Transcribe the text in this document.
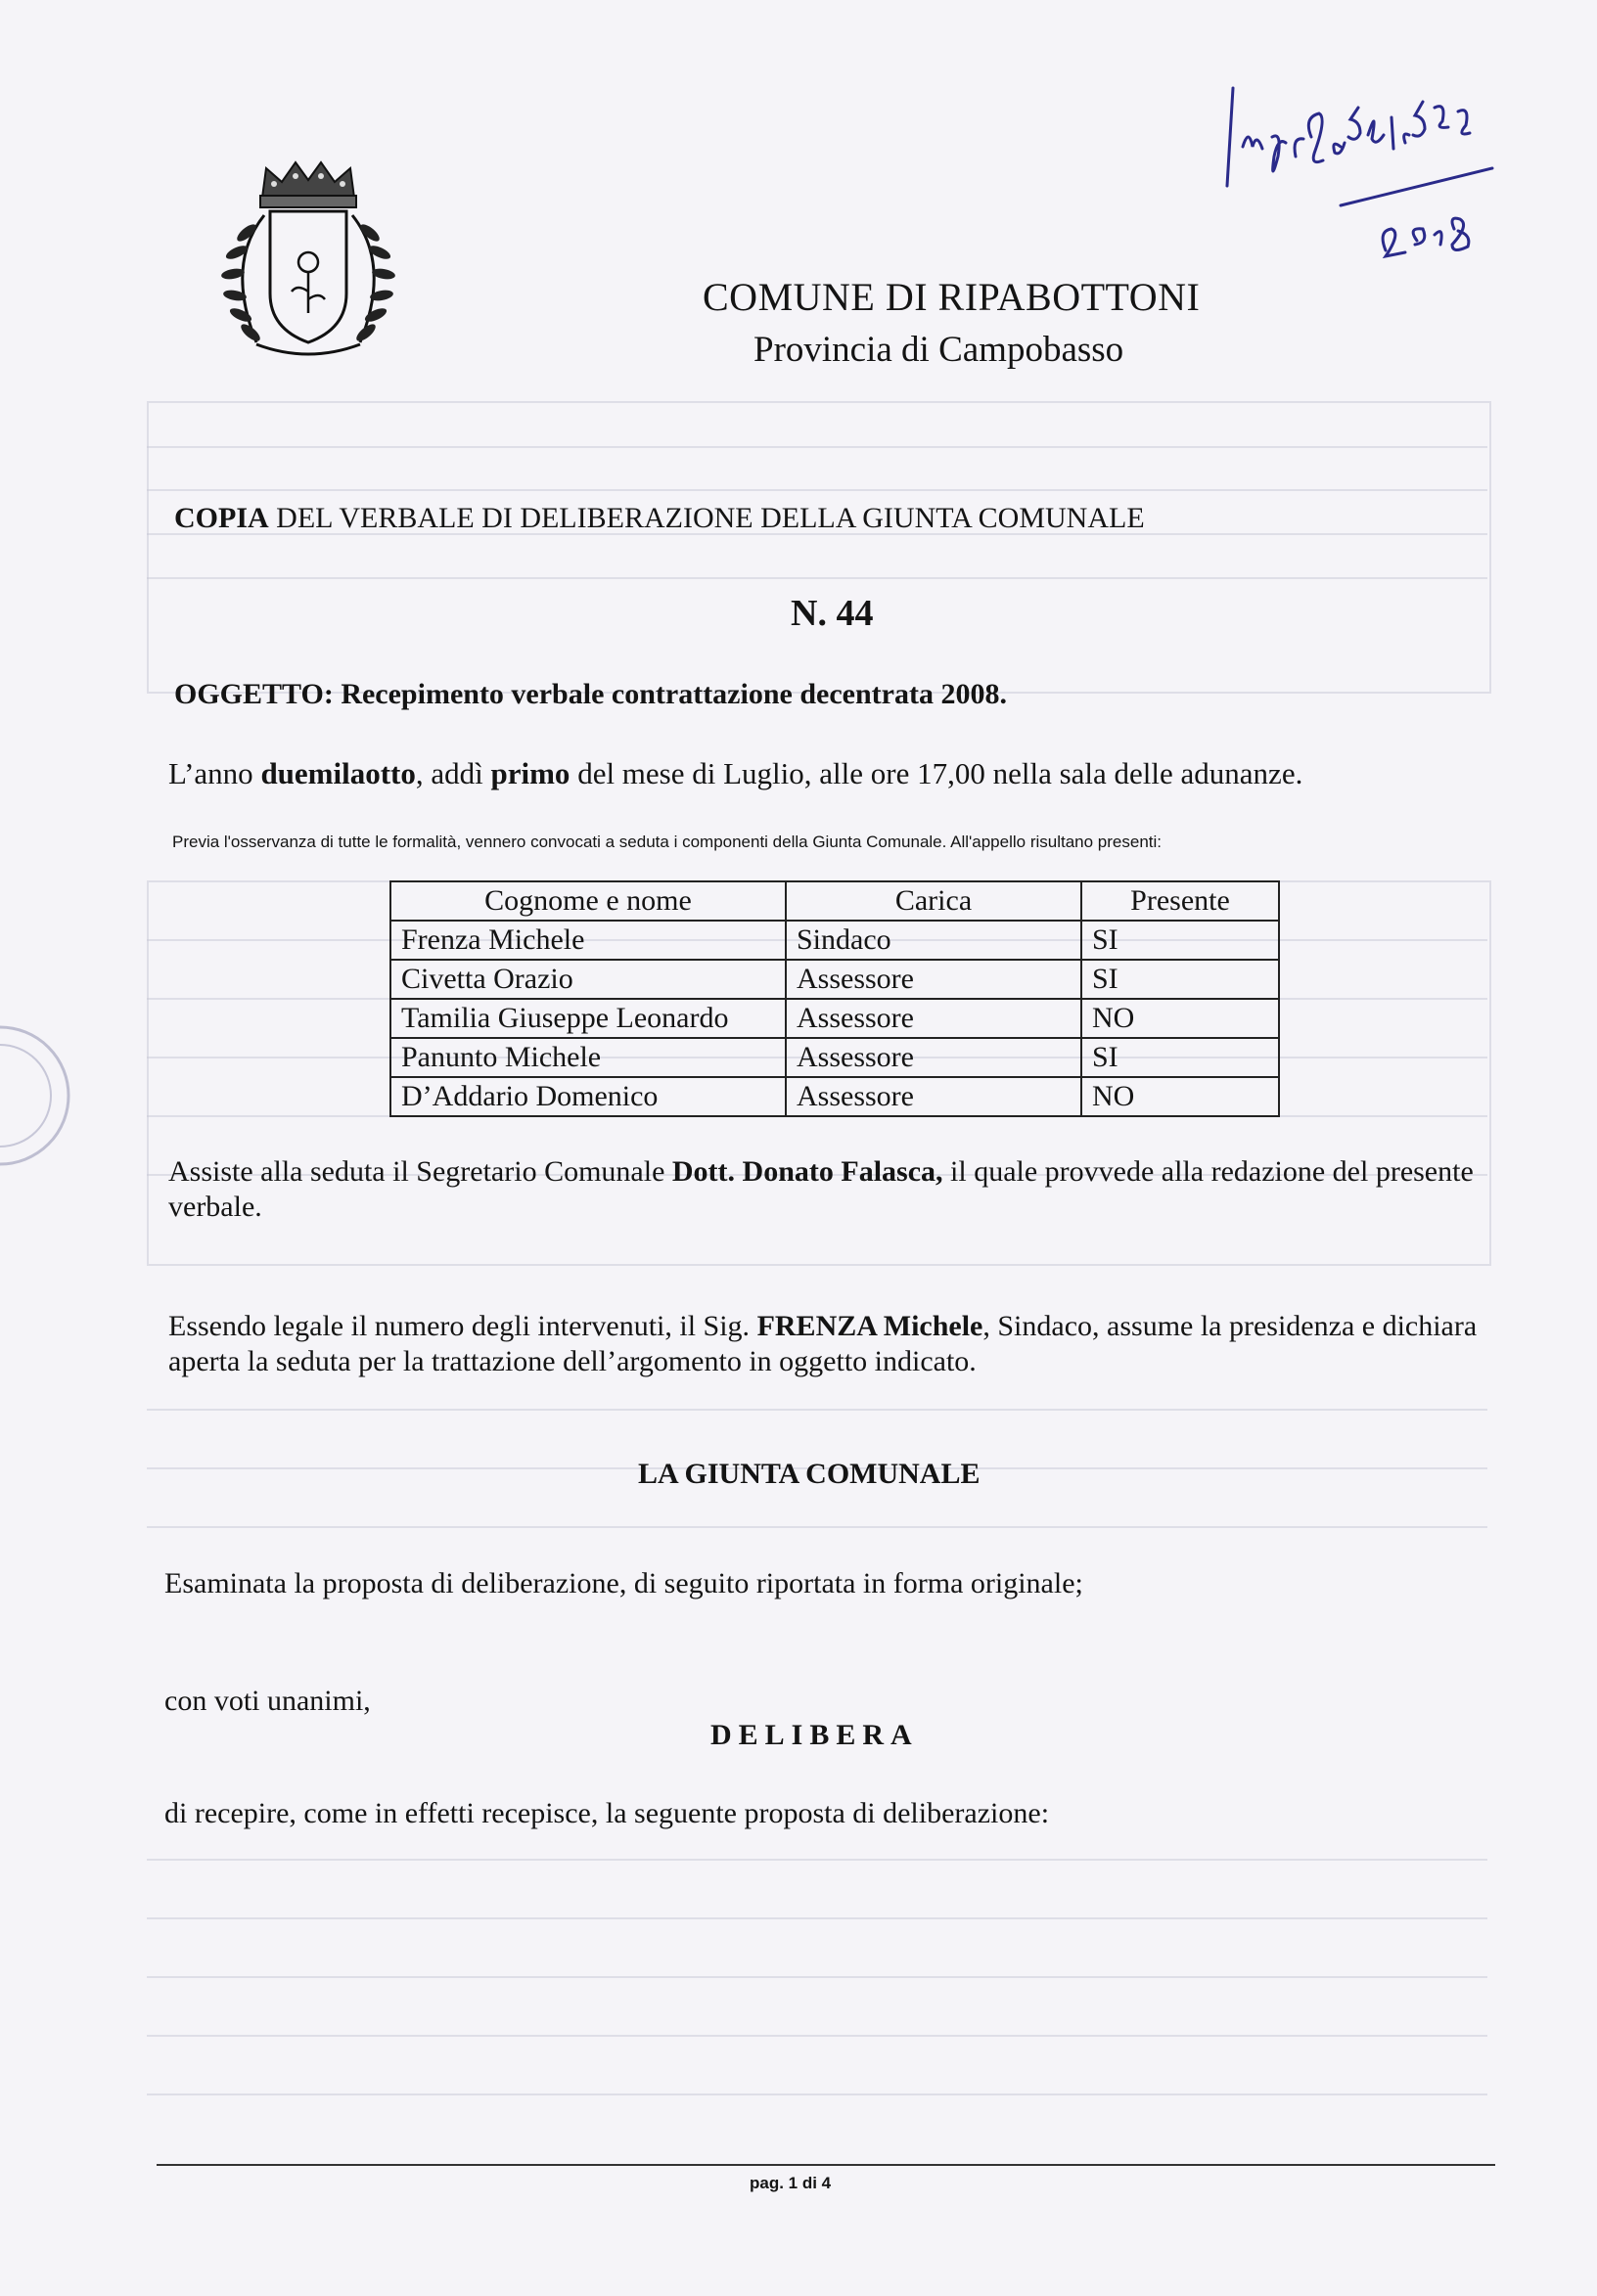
COMUNE DI RIPABOTTONI
Provincia di Campobasso
COPIA DEL VERBALE DI DELIBERAZIONE DELLA GIUNTA COMUNALE
N. 44
OGGETTO: Recepimento verbale contrattazione decentrata 2008.
L’anno duemilaotto, addì primo del mese di Luglio, alle ore 17,00 nella sala delle adunanze.
Previa l'osservanza di tutte le formalità, vennero convocati a seduta i componenti della Giunta Comunale. All'appello risultano presenti:
Cognome e nome	Carica	Presente
Frenza Michele	Sindaco	SI
Civetta Orazio	Assessore	SI
Tamilia Giuseppe Leonardo	Assessore	NO
Panunto Michele	Assessore	SI
D’Addario Domenico	Assessore	NO
Assiste alla seduta il Segretario Comunale Dott. Donato Falasca, il quale provvede alla redazione del presente verbale.
Essendo legale il numero degli intervenuti, il Sig. FRENZA Michele, Sindaco, assume la presidenza e dichiara aperta la seduta per la trattazione dell’argomento in oggetto indicato.
LA GIUNTA COMUNALE
Esaminata la proposta di deliberazione, di seguito riportata in forma originale;
con voti unanimi,
DELIBERA
di recepire, come in effetti recepisce, la seguente proposta di deliberazione:
pag. 1 di 4
